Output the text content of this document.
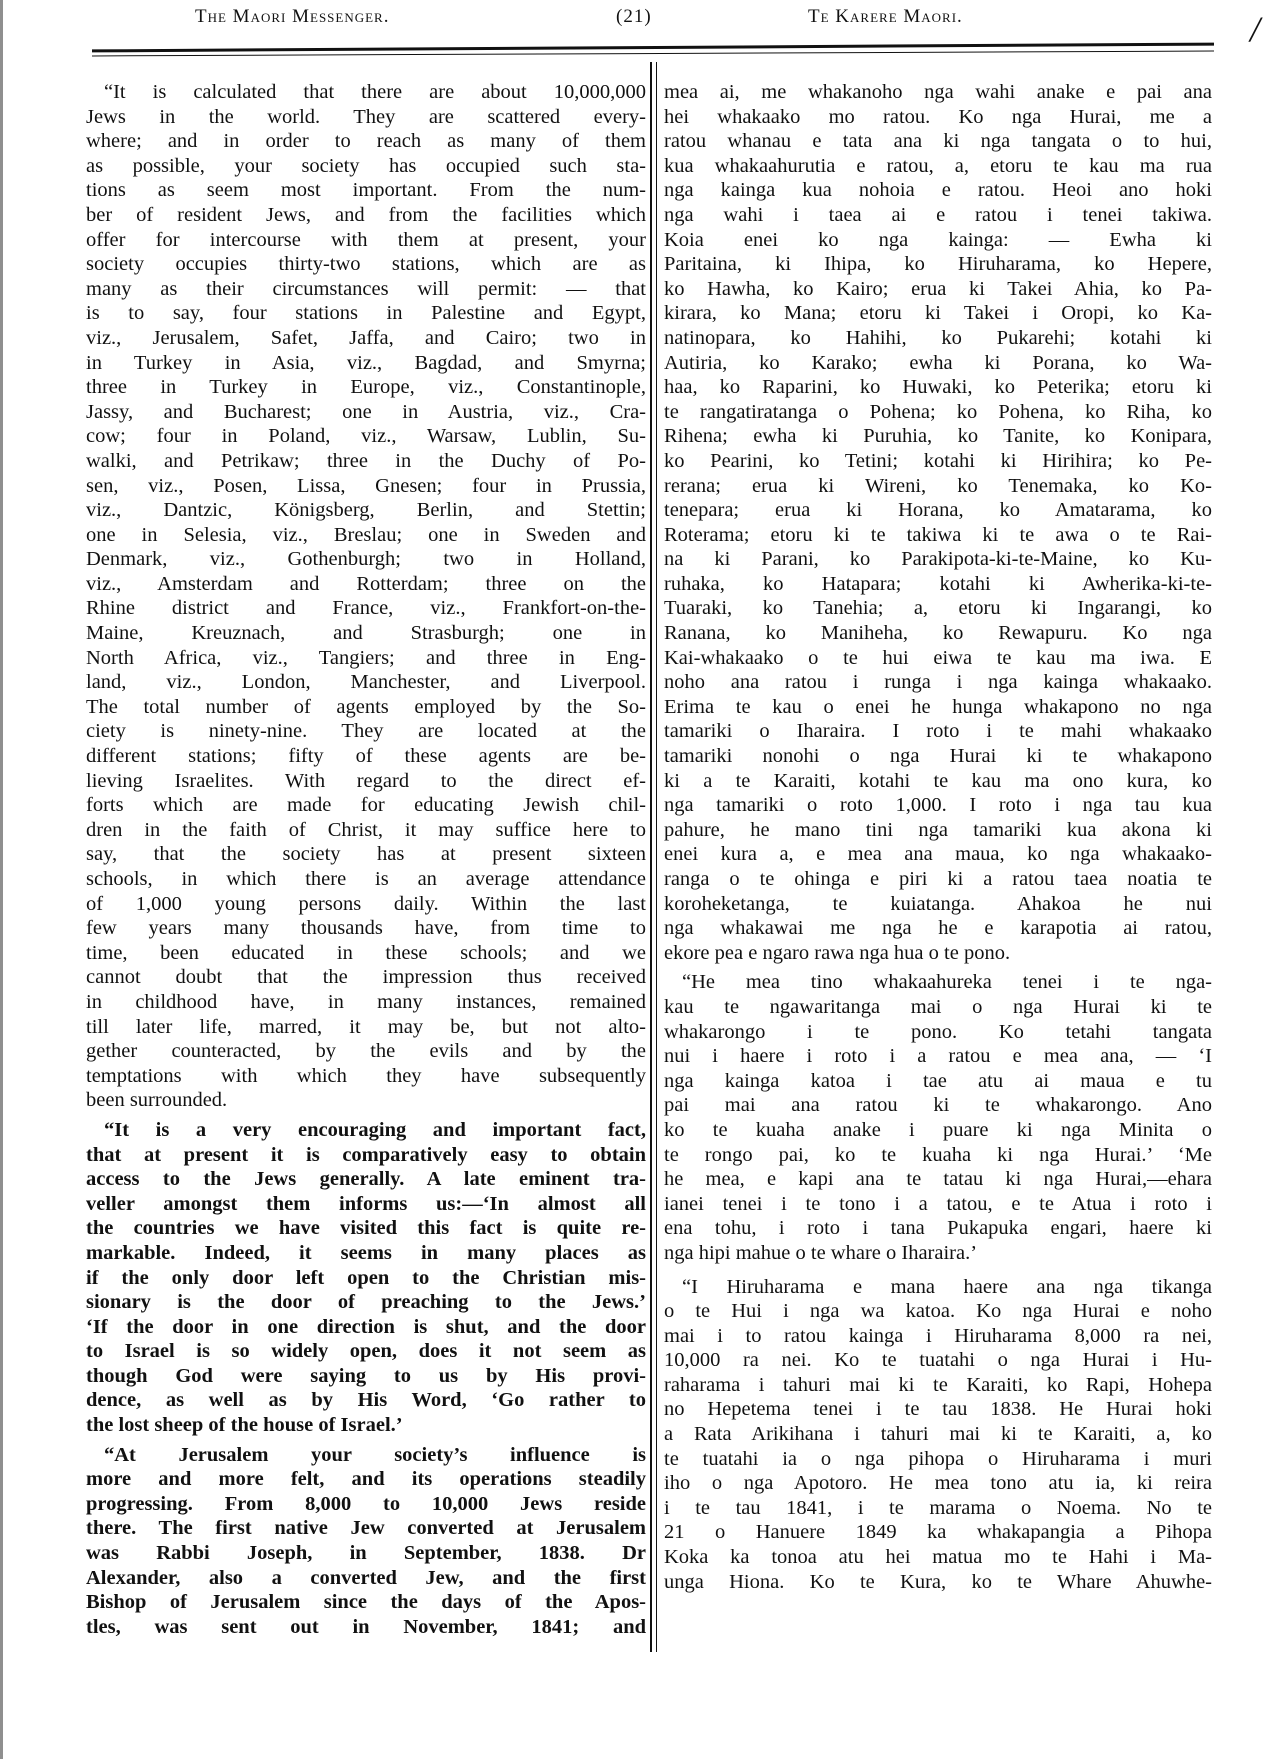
The Maori Messenger.	(21)	Te Karere Maori.	/
“It is calculated that there are about 10,000,000
Jews in the world. They are scattered every-
where; and in order to reach as many of them
as possible, your society has occupied such sta-
tions as seem most important. From the num-
ber of resident Jews, and from the facilities which
offer for intercourse with them at present, your
society occupies thirty-two stations, which are as
many as their circumstances will permit: — that
is to say, four stations in Palestine and Egypt,
viz., Jerusalem, Safet, Jaffa, and Cairo; two in
in Turkey in Asia, viz., Bagdad, and Smyrna;
three in Turkey in Europe, viz., Constantinople,
Jassy, and Bucharest; one in Austria, viz., Cra-
cow; four in Poland, viz., Warsaw, Lublin, Su-
walki, and Petrikaw; three in the Duchy of Po-
sen, viz., Posen, Lissa, Gnesen; four in Prussia,
viz., Dantzic, Königsberg, Berlin, and Stettin;
one in Selesia, viz., Breslau; one in Sweden and
Denmark, viz., Gothenburgh; two in Holland,
viz., Amsterdam and Rotterdam; three on the
Rhine district and France, viz., Frankfort-on-the-
Maine, Kreuznach, and Strasburgh; one in
North Africa, viz., Tangiers; and three in Eng-
land, viz., London, Manchester, and Liverpool.
The total number of agents employed by the So-
ciety is ninety-nine. They are located at the
different stations; fifty of these agents are be-
lieving Israelites. With regard to the direct ef-
forts which are made for educating Jewish chil-
dren in the faith of Christ, it may suffice here to
say, that the society has at present sixteen
schools, in which there is an average attendance
of 1,000 young persons daily. Within the last
few years many thousands have, from time to
time, been educated in these schools; and we
cannot doubt that the impression thus received
in childhood have, in many instances, remained
till later life, marred, it may be, but not alto-
gether counteracted, by the evils and by the
temptations with which they have subsequently
been surrounded.
“It is a very encouraging and important fact,
that at present it is comparatively easy to obtain
access to the Jews generally. A late eminent tra-
veller amongst them informs us:—‘In almost all
the countries we have visited this fact is quite re-
markable. Indeed, it seems in many places as
if the only door left open to the Christian mis-
sionary is the door of preaching to the Jews.’
‘If the door in one direction is shut, and the door
to Israel is so widely open, does it not seem as
though God were saying to us by His provi-
dence, as well as by His Word, ‘Go rather to
the lost sheep of the house of Israel.’
“At Jerusalem your society’s influence is
more and more felt, and its operations steadily
progressing. From 8,000 to 10,000 Jews reside
there. The first native Jew converted at Jerusalem
was Rabbi Joseph, in September, 1838. Dr
Alexander, also a converted Jew, and the first
Bishop of Jerusalem since the days of the Apos-
tles, was sent out in November, 1841; and
mea ai, me whakanoho nga wahi anake e pai ana
hei whakaako mo ratou. Ko nga Hurai, me a
ratou whanau e tata ana ki nga tangata o to hui,
kua whakaahurutia e ratou, a, etoru te kau ma rua
nga kainga kua nohoia e ratou. Heoi ano hoki
nga wahi i taea ai e ratou i tenei takiwa.
Koia enei ko nga kainga: — Ewha ki
Paritaina, ki Ihipa, ko Hiruharama, ko Hepere,
ko Hawha, ko Kairo; erua ki Takei Ahia, ko Pa-
kirara, ko Mana; etoru ki Takei i Oropi, ko Ka-
natinopara, ko Hahihi, ko Pukarehi; kotahi ki
Autiria, ko Karako; ewha ki Porana, ko Wa-
haa, ko Raparini, ko Huwaki, ko Peterika; etoru ki
te rangatiratanga o Pohena; ko Pohena, ko Riha, ko
Rihena; ewha ki Puruhia, ko Tanite, ko Konipara,
ko Pearini, ko Tetini; kotahi ki Hirihira; ko Pe-
rerana; erua ki Wireni, ko Tenemaka, ko Ko-
tenepara; erua ki Horana, ko Amatarama, ko
Roterama; etoru ki te takiwa ki te awa o te Rai-
na ki Parani, ko Parakipota-ki-te-Maine, ko Ku-
ruhaka, ko Hatapara; kotahi ki Awherika-ki-te-
Tuaraki, ko Tanehia; a, etoru ki Ingarangi, ko
Ranana, ko Maniheha, ko Rewapuru. Ko nga
Kai-whakaako o te hui eiwa te kau ma iwa. E
noho ana ratou i runga i nga kainga whakaako.
Erima te kau o enei he hunga whakapono no nga
tamariki o Iharaira. I roto i te mahi whakaako
tamariki nonohi o nga Hurai ki te whakapono
ki a te Karaiti, kotahi te kau ma ono kura, ko
nga tamariki o roto 1,000. I roto i nga tau kua
pahure, he mano tini nga tamariki kua akona ki
enei kura a, e mea ana maua, ko nga whakaako-
ranga o te ohinga e piri ki a ratou taea noatia te
koroheketanga, te kuiatanga. Ahakoa he nui
nga whakawai me nga he e karapotia ai ratou,
ekore pea e ngaro rawa nga hua o te pono.
“He mea tino whakaahureka tenei i te nga-
kau te ngawaritanga mai o nga Hurai ki te
whakarongo i te pono. Ko tetahi tangata
nui i haere i roto i a ratou e mea ana, — ‘I
nga kainga katoa i tae atu ai maua e tu
pai mai ana ratou ki te whakarongo. Ano
ko te kuaha anake i puare ki nga Minita o
te rongo pai, ko te kuaha ki nga Hurai.’ ‘Me
he mea, e kapi ana te tatau ki nga Hurai,—ehara
ianei tenei i te tono i a tatou, e te Atua i roto i
ena tohu, i roto i tana Pukapuka engari, haere ki
nga hipi mahue o te whare o Iharaira.’
“I Hiruharama e mana haere ana nga tikanga
o te Hui i nga wa katoa. Ko nga Hurai e noho
mai i to ratou kainga i Hiruharama 8,000 ra nei,
10,000 ra nei. Ko te tuatahi o nga Hurai i Hu-
raharama i tahuri mai ki te Karaiti, ko Rapi, Hohepa
no Hepetema tenei i te tau 1838. He Hurai hoki
a Rata Arikihana i tahuri mai ki te Karaiti, a, ko
te tuatahi ia o nga pihopa o Hiruharama i muri
iho o nga Apotoro. He mea tono atu ia, ki reira
i te tau 1841, i te marama o Noema. No te
21 o Hanuere 1849 ka whakapangia a Pihopa
Koka ka tonoa atu hei matua mo te Hahi i Ma-
unga Hiona. Ko te Kura, ko te Whare Ahuwhe-
